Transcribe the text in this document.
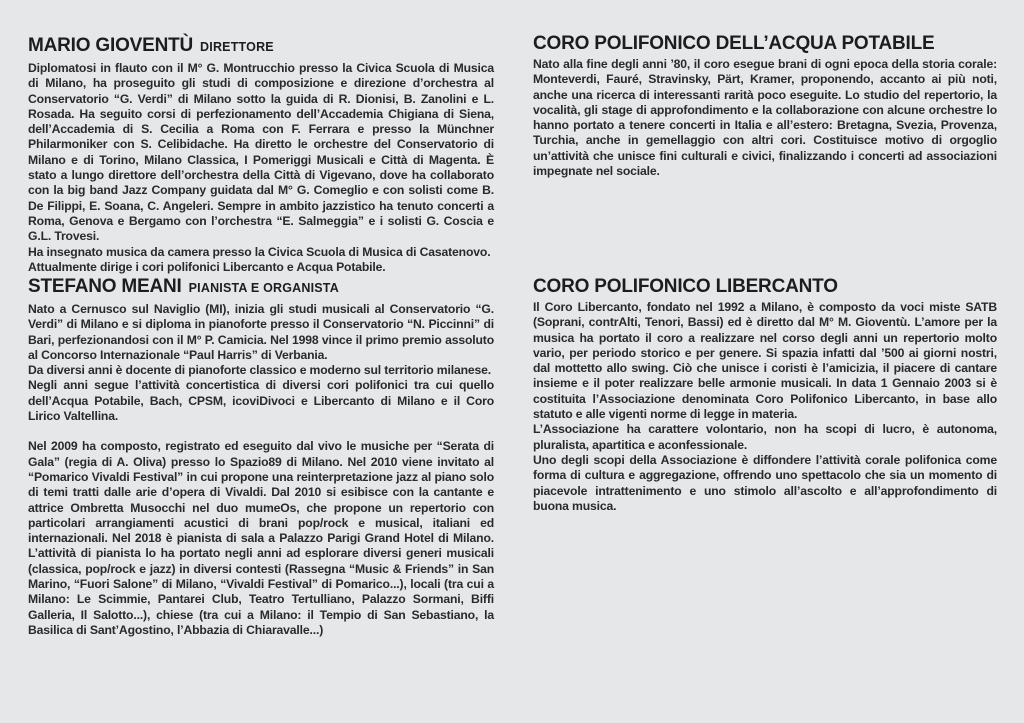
MARIO GIOVENTÙ DIRETTORE

Diplomatosi in flauto con il M° G. Montrucchio presso la Civica Scuola di Musica di Milano, ha proseguito gli studi di composizione e direzione d’orchestra al Conservatorio “G. Verdi” di Milano sotto la guida di R. Dionisi, B. Zanolini e L. Rosada. Ha seguito corsi di perfezionamento dell’Accademia Chigiana di Siena, dell’Accademia di S. Cecilia a Roma con F. Ferrara e presso la Münchner Philarmoniker con S. Celibidache. Ha diretto le orchestre del Conservatorio di Milano e di Torino, Milano Classica, I Pomeriggi Musicali e Città di Magenta. È stato a lungo direttore dell’orchestra della Città di Vigevano, dove ha collaborato con la big band Jazz Company guidata dal M° G. Comeglio e con solisti come B. De Filippi, E. Soana, C. Angeleri. Sempre in ambito jazzistico ha tenuto concerti a Roma, Genova e Bergamo con l’orchestra “E. Salmeggia” e i solisti G. Coscia e G.L. Trovesi.

Ha insegnato musica da camera presso la Civica Scuola di Musica di Casatenovo.

Attualmente dirige i cori polifonici Libercanto e Acqua Potabile.

STEFANO MEANI PIANISTA E ORGANISTA

Nato a Cernusco sul Naviglio (MI), inizia gli studi musicali al Conservatorio “G. Verdi” di Milano e si diploma in pianoforte presso il Conservatorio “N. Piccinni” di Bari, perfezionandosi con il M° P. Camicia. Nel 1998 vince il primo premio assoluto al Concorso Internazionale “Paul Harris” di Verbania.

Da diversi anni è docente di pianoforte classico e moderno sul territorio milanese.

Negli anni segue l’attività concertistica di diversi cori polifonici tra cui quello dell’Acqua Potabile, Bach, CPSM, icoviDivoci e Libercanto di Milano e il Coro Lirico Valtellina.

Nel 2009 ha composto, registrato ed eseguito dal vivo le musiche per “Serata di Gala” (regia di A. Oliva) presso lo Spazio89 di Milano. Nel 2010 viene invitato al “Pomarico Vivaldi Festival” in cui propone una reinterpretazione jazz al piano solo di temi tratti dalle arie d’opera di Vivaldi. Dal 2010 si esibisce con la cantante e attrice Ombretta Musocchi nel duo mumeOs, che propone un repertorio con particolari arrangiamenti acustici di brani pop/rock e musical, italiani ed internazionali. Nel 2018 è pianista di sala a Palazzo Parigi Grand Hotel di Milano. L’attività di pianista lo ha portato negli anni ad esplorare diversi generi musicali (classica, pop/rock e jazz) in diversi contesti (Rassegna “Music & Friends” in San Marino, “Fuori Salone” di Milano, “Vivaldi Festival” di Pomarico...), locali (tra cui a Milano: Le Scimmie, Pantarei Club, Teatro Tertulliano, Palazzo Sormani, Biffi Galleria, Il Salotto...), chiese (tra cui a Milano: il Tempio di San Sebastiano, la Basilica di Sant’Agostino, l’Abbazia di Chiaravalle...)

CORO POLIFONICO DELL’ACQUA POTABILE

Nato alla fine degli anni ’80, il coro esegue brani di ogni epoca della storia corale: Monteverdi, Fauré, Stravinsky, Pärt, Kramer, proponendo, accanto ai più noti, anche una ricerca di interessanti rarità poco eseguite. Lo studio del repertorio, la vocalità, gli stage di approfondimento e la collaborazione con alcune orchestre lo hanno portato a tenere concerti in Italia e all’estero: Bretagna, Svezia, Provenza, Turchia, anche in gemellaggio con altri cori. Costituisce motivo di orgoglio un’attività che unisce fini culturali e civici, finalizzando i concerti ad associazioni impegnate nel sociale.

CORO POLIFONICO LIBERCANTO

Il Coro Libercanto, fondato nel 1992 a Milano, è composto da voci miste SATB (Soprani, contrAlti, Tenori, Bassi) ed è diretto dal M° M. Gioventù. L’amore per la musica ha portato il coro a realizzare nel corso degli anni un repertorio molto vario, per periodo storico e per genere. Si spazia infatti dal ’500 ai giorni nostri, dal mottetto allo swing. Ciò che unisce i coristi è l’amicizia, il piacere di cantare insieme e il poter realizzare belle armonie musicali. In data 1 Gennaio 2003 si è costituita l’Associazione denominata Coro Polifonico Libercanto, in base allo statuto e alle vigenti norme di legge in materia.

L’Associazione ha carattere volontario, non ha scopi di lucro, è autonoma, pluralista, apartitica e aconfessionale.

Uno degli scopi della Associazione è diffondere l’attività corale polifonica come forma di cultura e aggregazione, offrendo uno spettacolo che sia un momento di piacevole intrattenimento e uno stimolo all’ascolto e all’approfondimento di buona musica.
